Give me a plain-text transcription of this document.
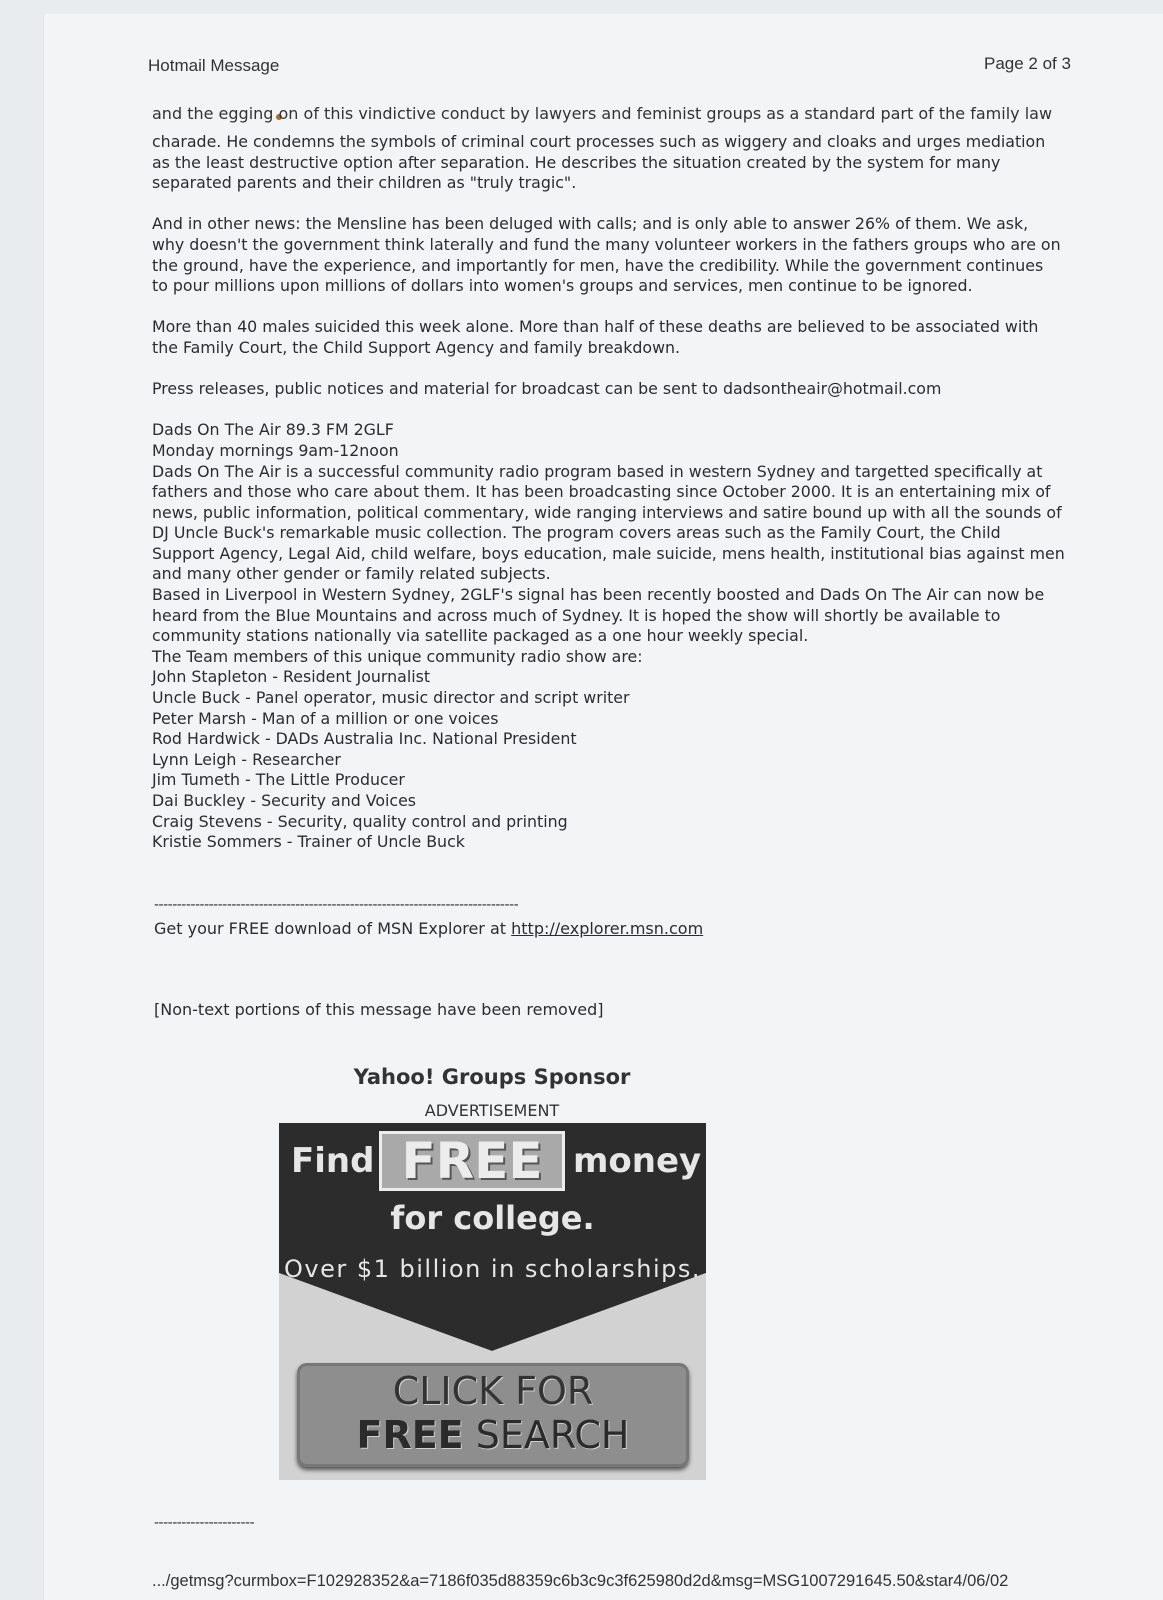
Hotmail Message	Page 2 of 3
and the egging on of this vindictive conduct by lawyers and feminist groups as a standard part of the family law

charade. He condemns the symbols of criminal court processes such as wiggery and cloaks and urges mediation
as the least destructive option after separation. He describes the situation created by the system for many
separated parents and their children as "truly tragic".

And in other news: the Mensline has been deluged with calls; and is only able to answer 26% of them. We ask,
why doesn't the government think laterally and fund the many volunteer workers in the fathers groups who are on
the ground, have the experience, and importantly for men, have the credibility. While the government continues
to pour millions upon millions of dollars into women's groups and services, men continue to be ignored.

More than 40 males suicided this week alone. More than half of these deaths are believed to be associated with
the Family Court, the Child Support Agency and family breakdown.

Press releases, public notices and material for broadcast can be sent to dadsontheair@hotmail.com

Dads On The Air 89.3 FM 2GLF
Monday mornings 9am-12noon
Dads On The Air is a successful community radio program based in western Sydney and targetted specifically at
fathers and those who care about them. It has been broadcasting since October 2000. It is an entertaining mix of
news, public information, political commentary, wide ranging interviews and satire bound up with all the sounds of
DJ Uncle Buck's remarkable music collection. The program covers areas such as the Family Court, the Child
Support Agency, Legal Aid, child welfare, boys education, male suicide, mens health, institutional bias against men
and many other gender or family related subjects.
Based in Liverpool in Western Sydney, 2GLF's signal has been recently boosted and Dads On The Air can now be
heard from the Blue Mountains and across much of Sydney. It is hoped the show will shortly be available to
community stations nationally via satellite packaged as a one hour weekly special.
The Team members of this unique community radio show are:
John Stapleton - Resident Journalist
Uncle Buck - Panel operator, music director and script writer
Peter Marsh - Man of a million or one voices
Rod Hardwick - DADs Australia Inc. National President
Lynn Leigh - Researcher
Jim Tumeth - The Little Producer
Dai Buckley - Security and Voices
Craig Stevens - Security, quality control and printing
Kristie Sommers - Trainer of Uncle Buck

--------------------------------------------------------------------------------
Get your FREE download of MSN Explorer at http://explorer.msn.com
[Non-text portions of this message have been removed]
Yahoo! Groups Sponsor
ADVERTISEMENT
Find FREE money
for college.
Over $1 billion in scholarships.
CLICK FOR
FREE SEARCH
----------------------
.../getmsg?curmbox=F102928352&a=7186f035d88359c6b3c9c3f625980d2d&msg=MSG1007291645.50&star4/06/02
